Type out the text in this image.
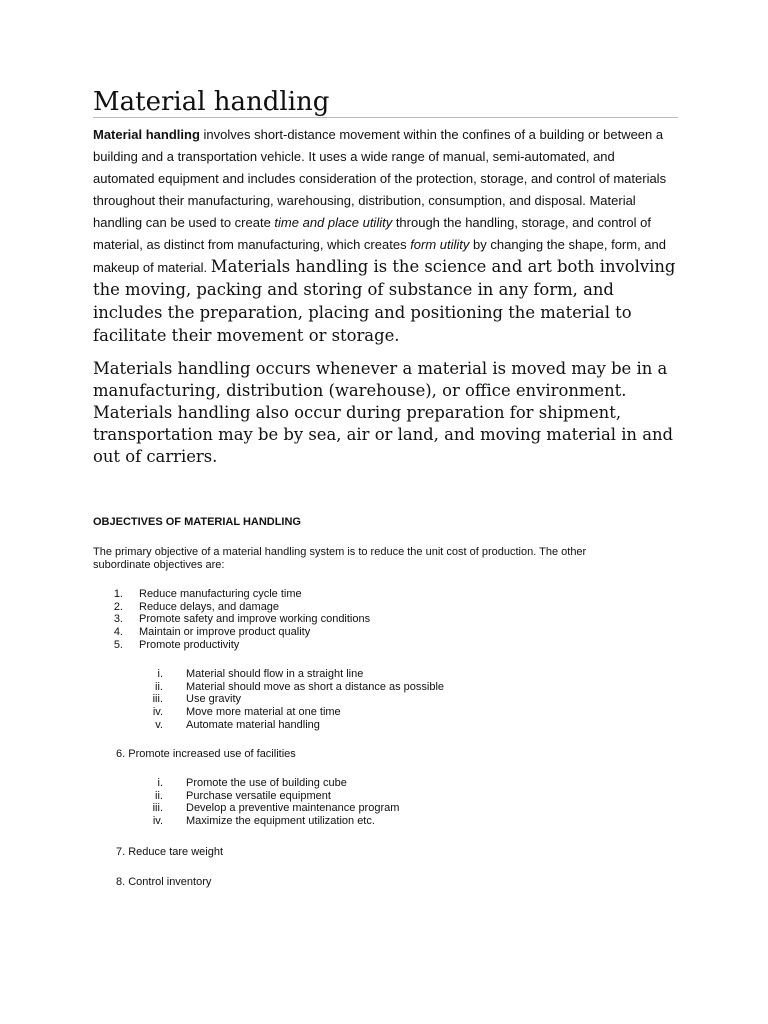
Material handling

Material handling involves short-distance movement within the confines of a building or between a building and a transportation vehicle. It uses a wide range of manual, semi-automated, and automated equipment and includes consideration of the protection, storage, and control of materials throughout their manufacturing, warehousing, distribution, consumption, and disposal. Material handling can be used to create time and place utility through the handling, storage, and control of material, as distinct from manufacturing, which creates form utility by changing the shape, form, and makeup of material. Materials handling is the science and art both involving the moving, packing and storing of substance in any form, and includes the preparation, placing and positioning the material to facilitate their movement or storage.

Materials handling occurs whenever a material is moved may be in a manufacturing, distribution (warehouse), or office environment. Materials handling also occur during preparation for shipment, transportation may be by sea, air or land, and moving material in and out of carriers.

OBJECTIVES OF MATERIAL HANDLING

The primary objective of a material handling system is to reduce the unit cost of production. The other subordinate objectives are:

1. Reduce manufacturing cycle time
2. Reduce delays, and damage
3. Promote safety and improve working conditions
4. Maintain or improve product quality
5. Promote productivity
i. Material should flow in a straight line
ii. Material should move as short a distance as possible
iii. Use gravity
iv. Move more material at one time
v. Automate material handling

6. Promote increased use of facilities

i. Promote the use of building cube
ii. Purchase versatile equipment
iii. Develop a preventive maintenance program
iv. Maximize the equipment utilization etc.

7. Reduce tare weight

8. Control inventory
